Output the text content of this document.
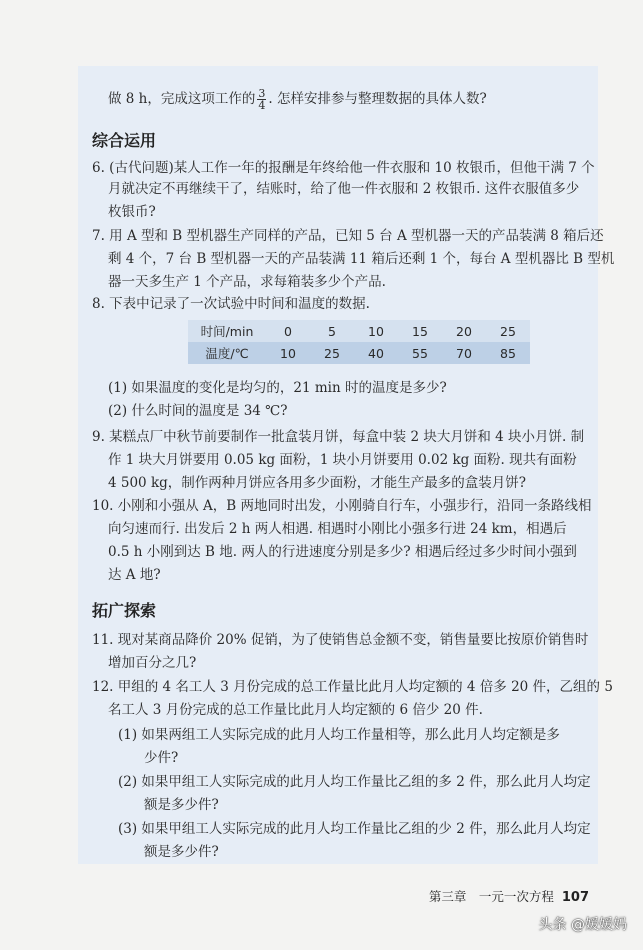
做 8 h，完成这项工作的 $\frac{3}{4}$ . 怎样安排参与整理数据的具体人数?
综合运用
6. (古代问题)某人工作一年的报酬是年终给他一件衣服和 10 枚银币，但他干满 7 个
月就决定不再继续干了，结账时，给了他一件衣服和 2 枚银币. 这件衣服值多少
枚银币?
7. 用 A 型和 B 型机器生产同样的产品，已知 5 台 A 型机器一天的产品装满 8 箱后还
剩 4 个，7 台 B 型机器一天的产品装满 11 箱后还剩 1 个，每台 A 型机器比 B 型机
器一天多生产 1 个产品，求每箱装多少个产品.
8. 下表中记录了一次试验中时间和温度的数据.
时间/min	0	5	10	15	20	25
温度/℃	10	25	40	55	70	85
(1) 如果温度的变化是均匀的，21 min 时的温度是多少?
(2) 什么时间的温度是 34 ℃?
9. 某糕点厂中秋节前要制作一批盒装月饼，每盒中装 2 块大月饼和 4 块小月饼. 制
作 1 块大月饼要用 0.05 kg 面粉，1 块小月饼要用 0.02 kg 面粉. 现共有面粉
4 500 kg，制作两种月饼应各用多少面粉，才能生产最多的盒装月饼?
10. 小刚和小强从 A，B 两地同时出发，小刚骑自行车，小强步行，沿同一条路线相
向匀速而行. 出发后 2 h 两人相遇. 相遇时小刚比小强多行进 24 km，相遇后
0.5 h 小刚到达 B 地. 两人的行进速度分别是多少? 相遇后经过多少时间小强到
达 A 地?
拓广探索
11. 现对某商品降价 20% 促销，为了使销售总金额不变，销售量要比按原价销售时
增加百分之几?
12. 甲组的 4 名工人 3 月份完成的总工作量比此月人均定额的 4 倍多 20 件，乙组的 5
名工人 3 月份完成的总工作量比此月人均定额的 6 倍少 20 件.
(1) 如果两组工人实际完成的此月人均工作量相等，那么此月人均定额是多
少件?
(2) 如果甲组工人实际完成的此月人均工作量比乙组的多 2 件，那么此月人均定
额是多少件?
(3) 如果甲组工人实际完成的此月人均工作量比乙组的少 2 件，那么此月人均定
额是多少件?
第三章　一元一次方程 107
头条 @媛媛妈
